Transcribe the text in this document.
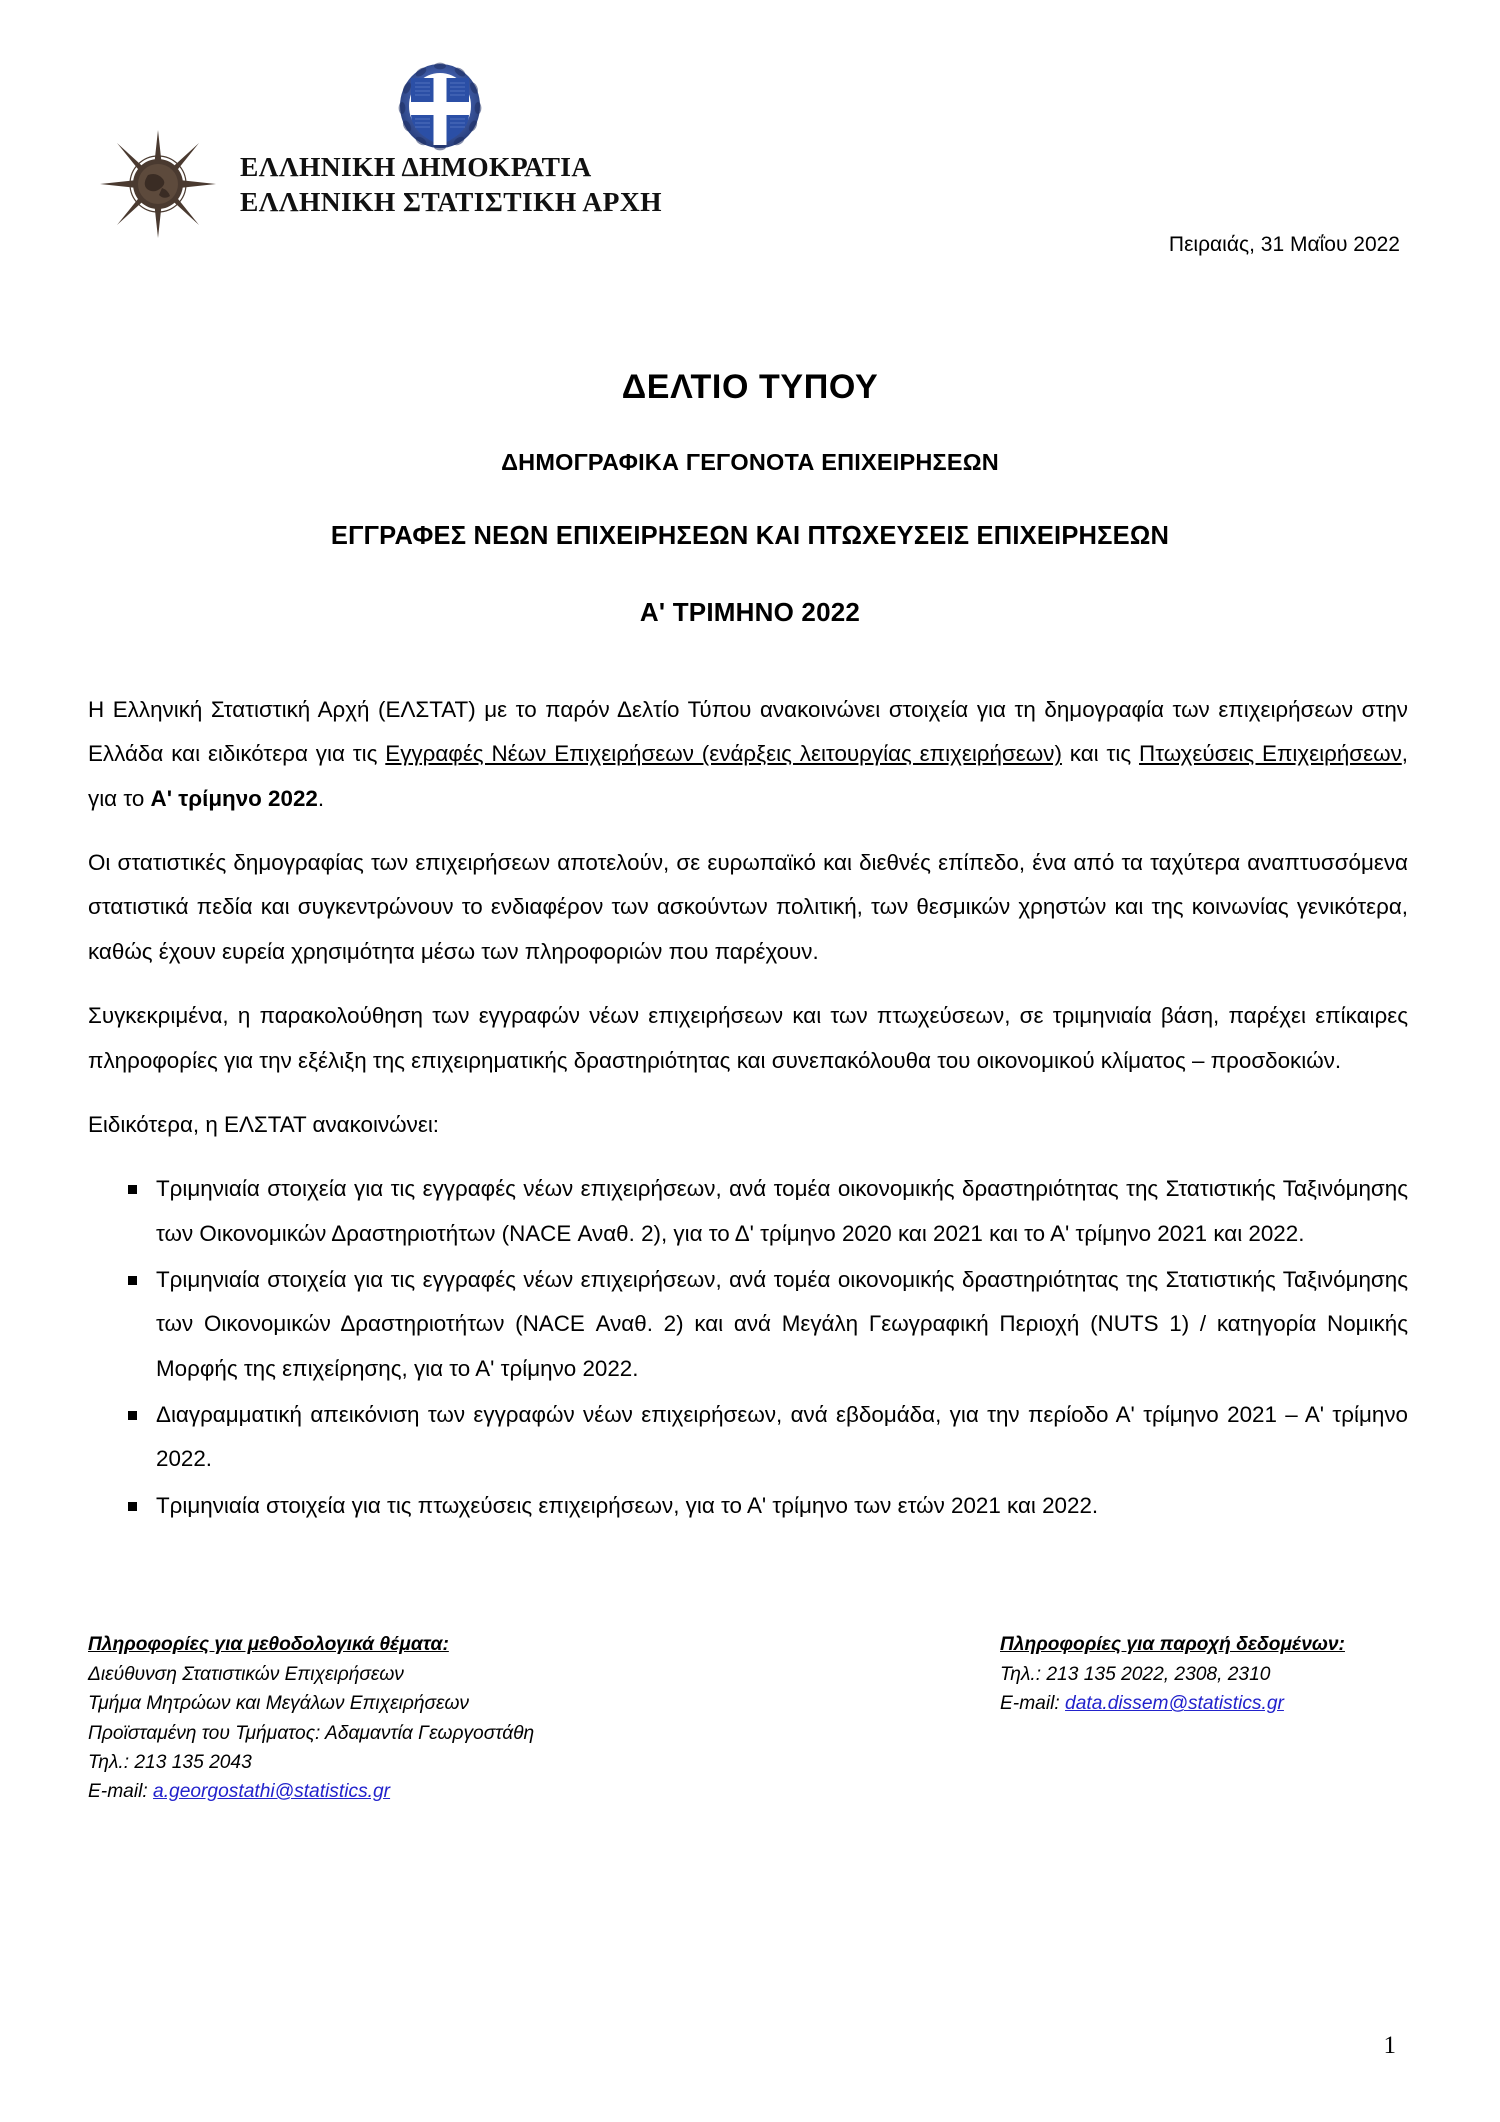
ΕΛΛΗΝΙΚΗ ΔΗΜΟΚΡΑΤΙΑ
ΕΛΛΗΝΙΚΗ ΣΤΑΤΙΣΤΙΚΗ ΑΡΧΗ
Πειραιάς, 31 Μαΐου 2022
ΔΕΛΤΙΟ ΤΥΠΟΥ
ΔΗΜΟΓΡΑΦΙΚΑ ΓΕΓΟΝΟΤΑ ΕΠΙΧΕΙΡΗΣΕΩΝ
ΕΓΓΡΑΦΕΣ ΝΕΩΝ ΕΠΙΧΕΙΡΗΣΕΩΝ ΚΑΙ ΠΤΩΧΕΥΣΕΙΣ ΕΠΙΧΕΙΡΗΣΕΩΝ
Α' ΤΡΙΜΗΝΟ 2022

Η Ελληνική Στατιστική Αρχή (ΕΛΣΤΑΤ) με το παρόν Δελτίο Τύπου ανακοινώνει στοιχεία για τη δημογραφία των επιχειρήσεων στην Ελλάδα και ειδικότερα για τις Εγγραφές Νέων Επιχειρήσεων (ενάρξεις λειτουργίας επιχειρήσεων) και τις Πτωχεύσεις Επιχειρήσεων, για το Α' τρίμηνο 2022.

Οι στατιστικές δημογραφίας των επιχειρήσεων αποτελούν, σε ευρωπαϊκό και διεθνές επίπεδο, ένα από τα ταχύτερα αναπτυσσόμενα στατιστικά πεδία και συγκεντρώνουν το ενδιαφέρον των ασκούντων πολιτική, των θεσμικών χρηστών και της κοινωνίας γενικότερα, καθώς έχουν ευρεία χρησιμότητα μέσω των πληροφοριών που παρέχουν.

Συγκεκριμένα, η παρακολούθηση των εγγραφών νέων επιχειρήσεων και των πτωχεύσεων, σε τριμηνιαία βάση, παρέχει επίκαιρες πληροφορίες για την εξέλιξη της επιχειρηματικής δραστηριότητας και συνεπακόλουθα του οικονομικού κλίματος – προσδοκιών.

Ειδικότερα, η ΕΛΣΤΑΤ ανακοινώνει:

Τριμηνιαία στοιχεία για τις εγγραφές νέων επιχειρήσεων, ανά τομέα οικονομικής δραστηριότητας της Στατιστικής Ταξινόμησης των Οικονομικών Δραστηριοτήτων (NACE Αναθ. 2), για το Δ' τρίμηνο 2020 και 2021 και το Α' τρίμηνο 2021 και 2022.
Τριμηνιαία στοιχεία για τις εγγραφές νέων επιχειρήσεων, ανά τομέα οικονομικής δραστηριότητας της Στατιστικής Ταξινόμησης των Οικονομικών Δραστηριοτήτων (NACE Αναθ. 2) και ανά Μεγάλη Γεωγραφική Περιοχή (NUTS 1) / κατηγορία Νομικής Μορφής της επιχείρησης, για το Α' τρίμηνο 2022.
Διαγραμματική απεικόνιση των εγγραφών νέων επιχειρήσεων, ανά εβδομάδα, για την περίοδο Α' τρίμηνο 2021 – Α' τρίμηνο 2022.
Τριμηνιαία στοιχεία για τις πτωχεύσεις επιχειρήσεων, για το Α' τρίμηνο των ετών 2021 και 2022.
Πληροφορίες για μεθοδολογικά θέματα:
Διεύθυνση Στατιστικών Επιχειρήσεων
Τμήμα Μητρώων και Μεγάλων Επιχειρήσεων
Προϊσταμένη του Τμήματος: Αδαμαντία Γεωργοστάθη
Τηλ.: 213 135 2043
E-mail: a.georgostathi@statistics.gr
Πληροφορίες για παροχή δεδομένων:
Τηλ.: 213 135 2022, 2308, 2310
E-mail: data.dissem@statistics.gr
1
